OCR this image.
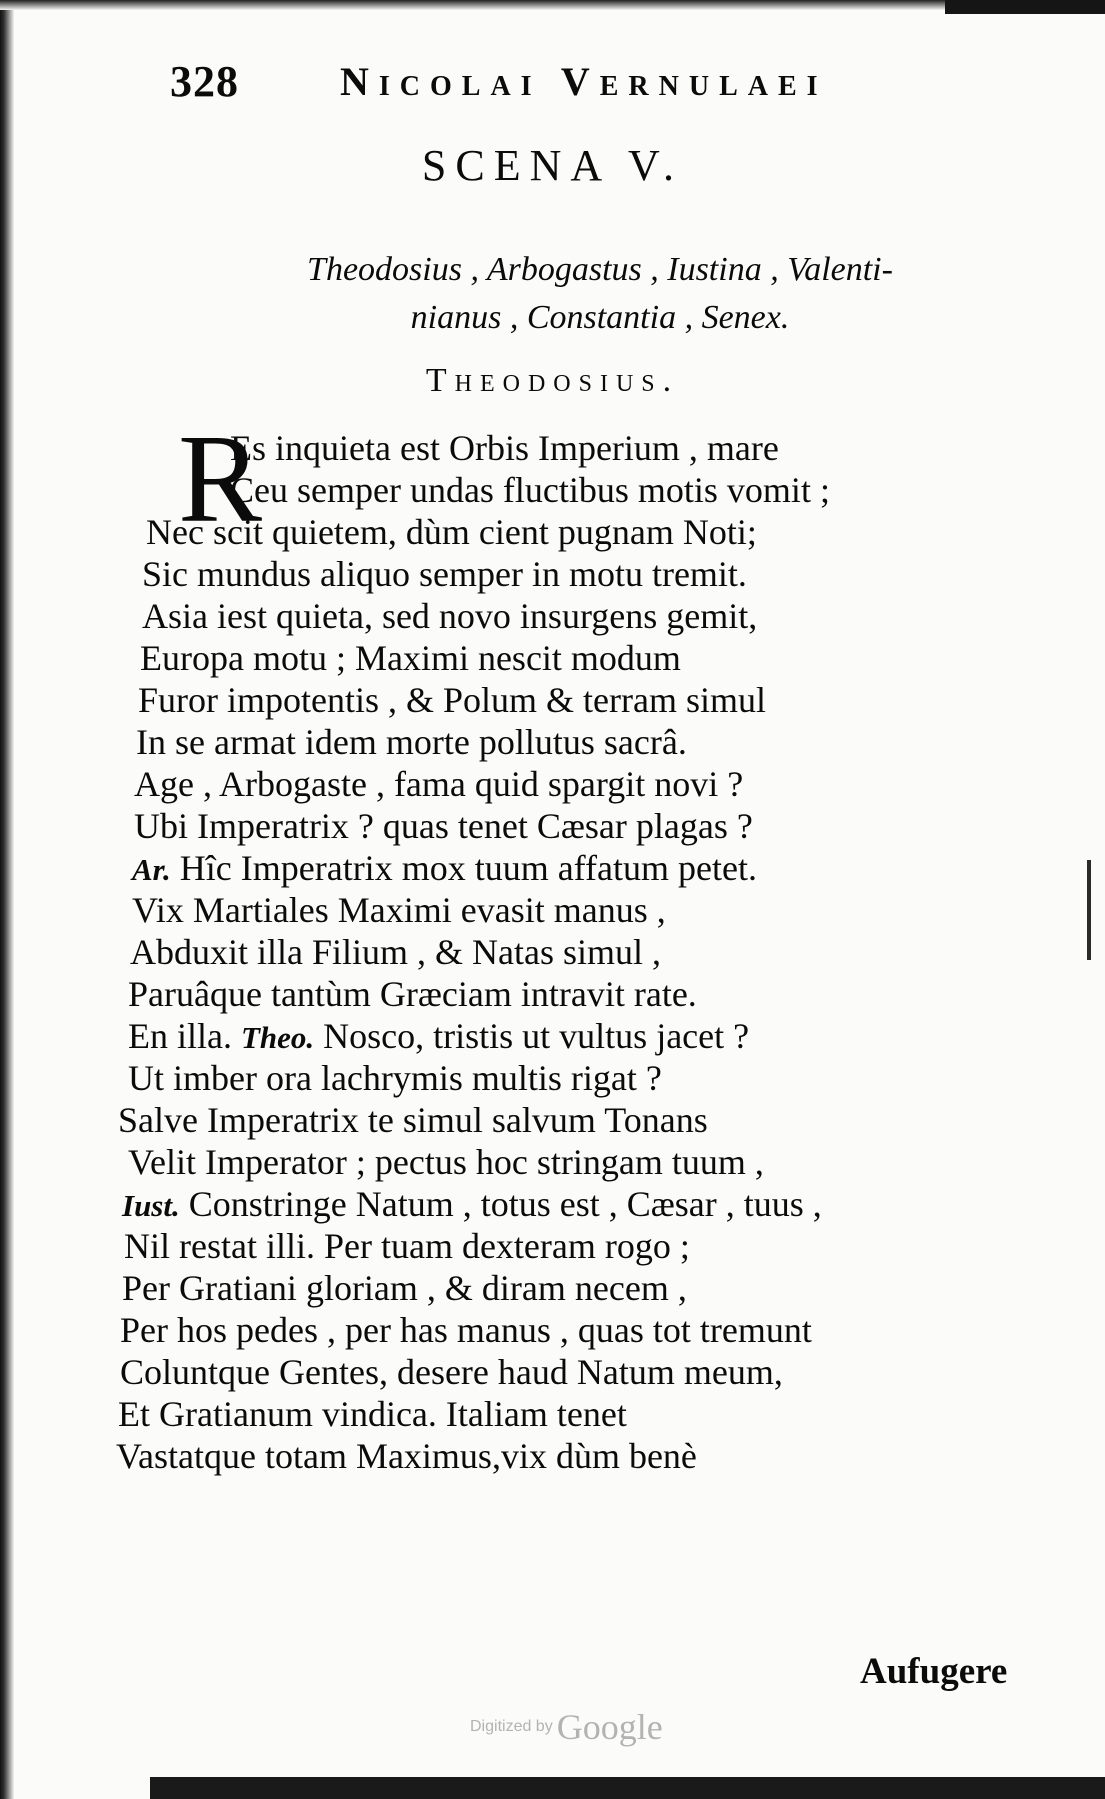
328	Nicolai Vernulaei
SCENA V.
Theodosius , Arbogastus , Iustina , Valenti-
nianus , Constantia , Senex.
Theodosius.
R
Es inquieta est Orbis Imperium , mare
Ceu semper undas fluctibus motis vomit ;
Nec scit quietem, dùm cient pugnam Noti;
Sic mundus aliquo semper in motu tremit.
Asia iest quieta, sed novo insurgens gemit,
Europa motu ; Maximi nescit modum
Furor impotentis , & Polum & terram simul
In se armat idem morte pollutus sacrâ.
Age , Arbogaste , fama quid spargit novi ?
Ubi Imperatrix ? quas tenet Cæsar plagas ?
Ar. Hîc Imperatrix mox tuum affatum petet.
Vix Martiales Maximi evasit manus ,
Abduxit illa Filium , & Natas simul ,
Paruâque tantùm Græciam intravit rate.
En illa. Theo. Nosco, tristis ut vultus jacet ?
Ut imber ora lachrymis multis rigat ?
Salve Imperatrix te simul salvum Tonans
Velit Imperator ; pectus hoc stringam tuum ,
Iust. Constringe Natum , totus est , Cæsar , tuus ,
Nil restat illi. Per tuam dexteram rogo ;
Per Gratiani gloriam , & diram necem ,
Per hos pedes , per has manus , quas tot tremunt
Coluntque Gentes, desere haud Natum meum,
Et Gratianum vindica. Italiam tenet
Vastatque totam Maximus,vix dùm benè
Aufugere
Digitized by Google
